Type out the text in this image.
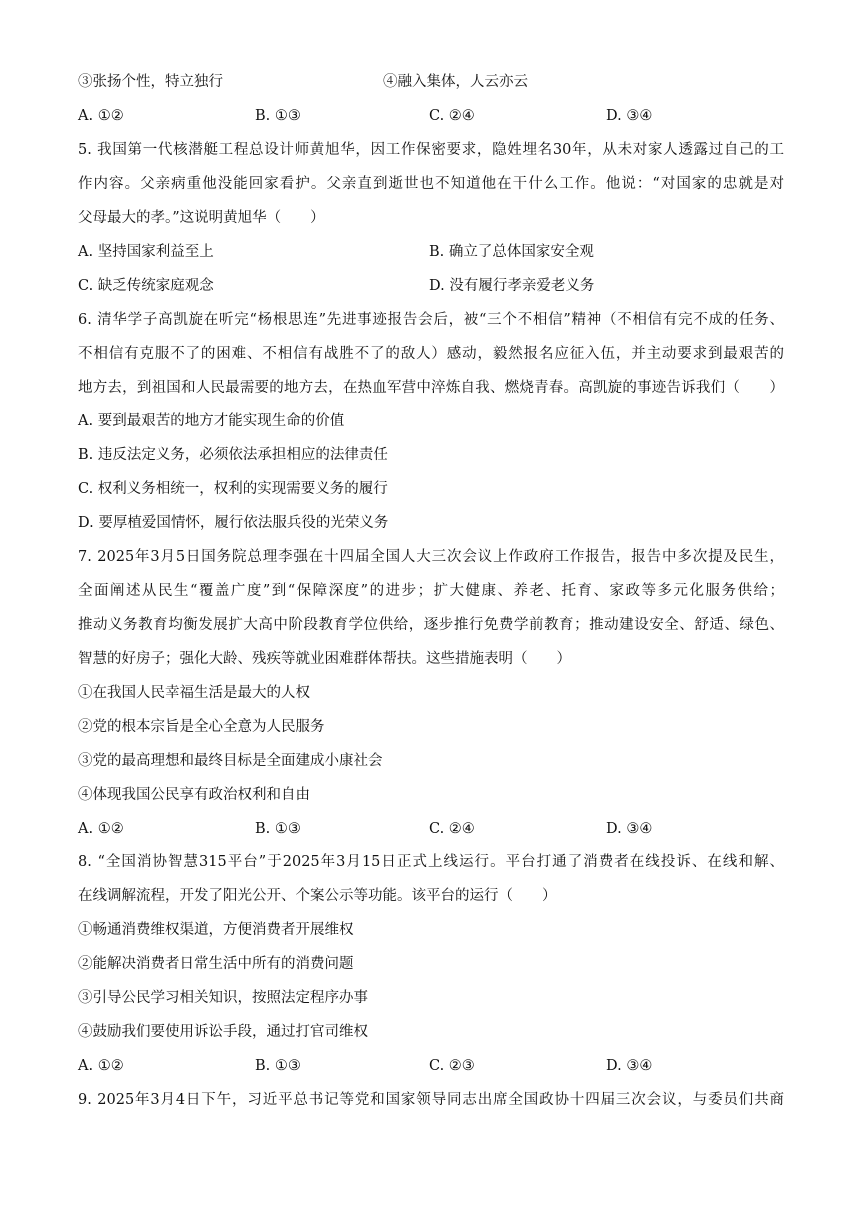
③张扬个性，特立独行	④融入集体，人云亦云
A. ①②	B. ①③	C. ②④	D. ③④
5. 我国第一代核潜艇工程总设计师黄旭华，因工作保密要求，隐姓埋名30年，从未对家人透露过自己的工
作内容。父亲病重他没能回家看护。父亲直到逝世也不知道他在干什么工作。他说：“对国家的忠就是对
父母最大的孝。”这说明黄旭华（　　）
A. 坚持国家利益至上	B. 确立了总体国家安全观
C. 缺乏传统家庭观念	D. 没有履行孝亲爱老义务
6. 清华学子高凯旋在听完“杨根思连”先进事迹报告会后，被“三个不相信”精神（不相信有完不成的任务、
不相信有克服不了的困难、不相信有战胜不了的敌人）感动，毅然报名应征入伍，并主动要求到最艰苦的
地方去，到祖国和人民最需要的地方去，在热血军营中淬炼自我、燃烧青春。高凯旋的事迹告诉我们（　　）
A. 要到最艰苦的地方才能实现生命的价值
B. 违反法定义务，必须依法承担相应的法律责任
C. 权利义务相统一，权利的实现需要义务的履行
D. 要厚植爱国情怀，履行依法服兵役的光荣义务
7. 2025年3月5日国务院总理李强在十四届全国人大三次会议上作政府工作报告，报告中多次提及民生，
全面阐述从民生“覆盖广度”到“保障深度”的进步；扩大健康、养老、托育、家政等多元化服务供给；
推动义务教育均衡发展扩大高中阶段教育学位供给，逐步推行免费学前教育；推动建设安全、舒适、绿色、
智慧的好房子；强化大龄、残疾等就业困难群体帮扶。这些措施表明（　　）
①在我国人民幸福生活是最大的人权
②党的根本宗旨是全心全意为人民服务
③党的最高理想和最终目标是全面建成小康社会
④体现我国公民享有政治权利和自由
A. ①②	B. ①③	C. ②④	D. ③④
8. “全国消协智慧315平台”于2025年3月15日正式上线运行。平台打通了消费者在线投诉、在线和解、
在线调解流程，开发了阳光公开、个案公示等功能。该平台的运行（　　）
①畅通消费维权渠道，方便消费者开展维权
②能解决消费者日常生活中所有的消费问题
③引导公民学习相关知识，按照法定程序办事
④鼓励我们要使用诉讼手段，通过打官司维权
A. ①②	B. ①③	C. ②③	D. ③④
9. 2025年3月4日下午，习近平总书记等党和国家领导同志出席全国政协十四届三次会议，与委员们共商
